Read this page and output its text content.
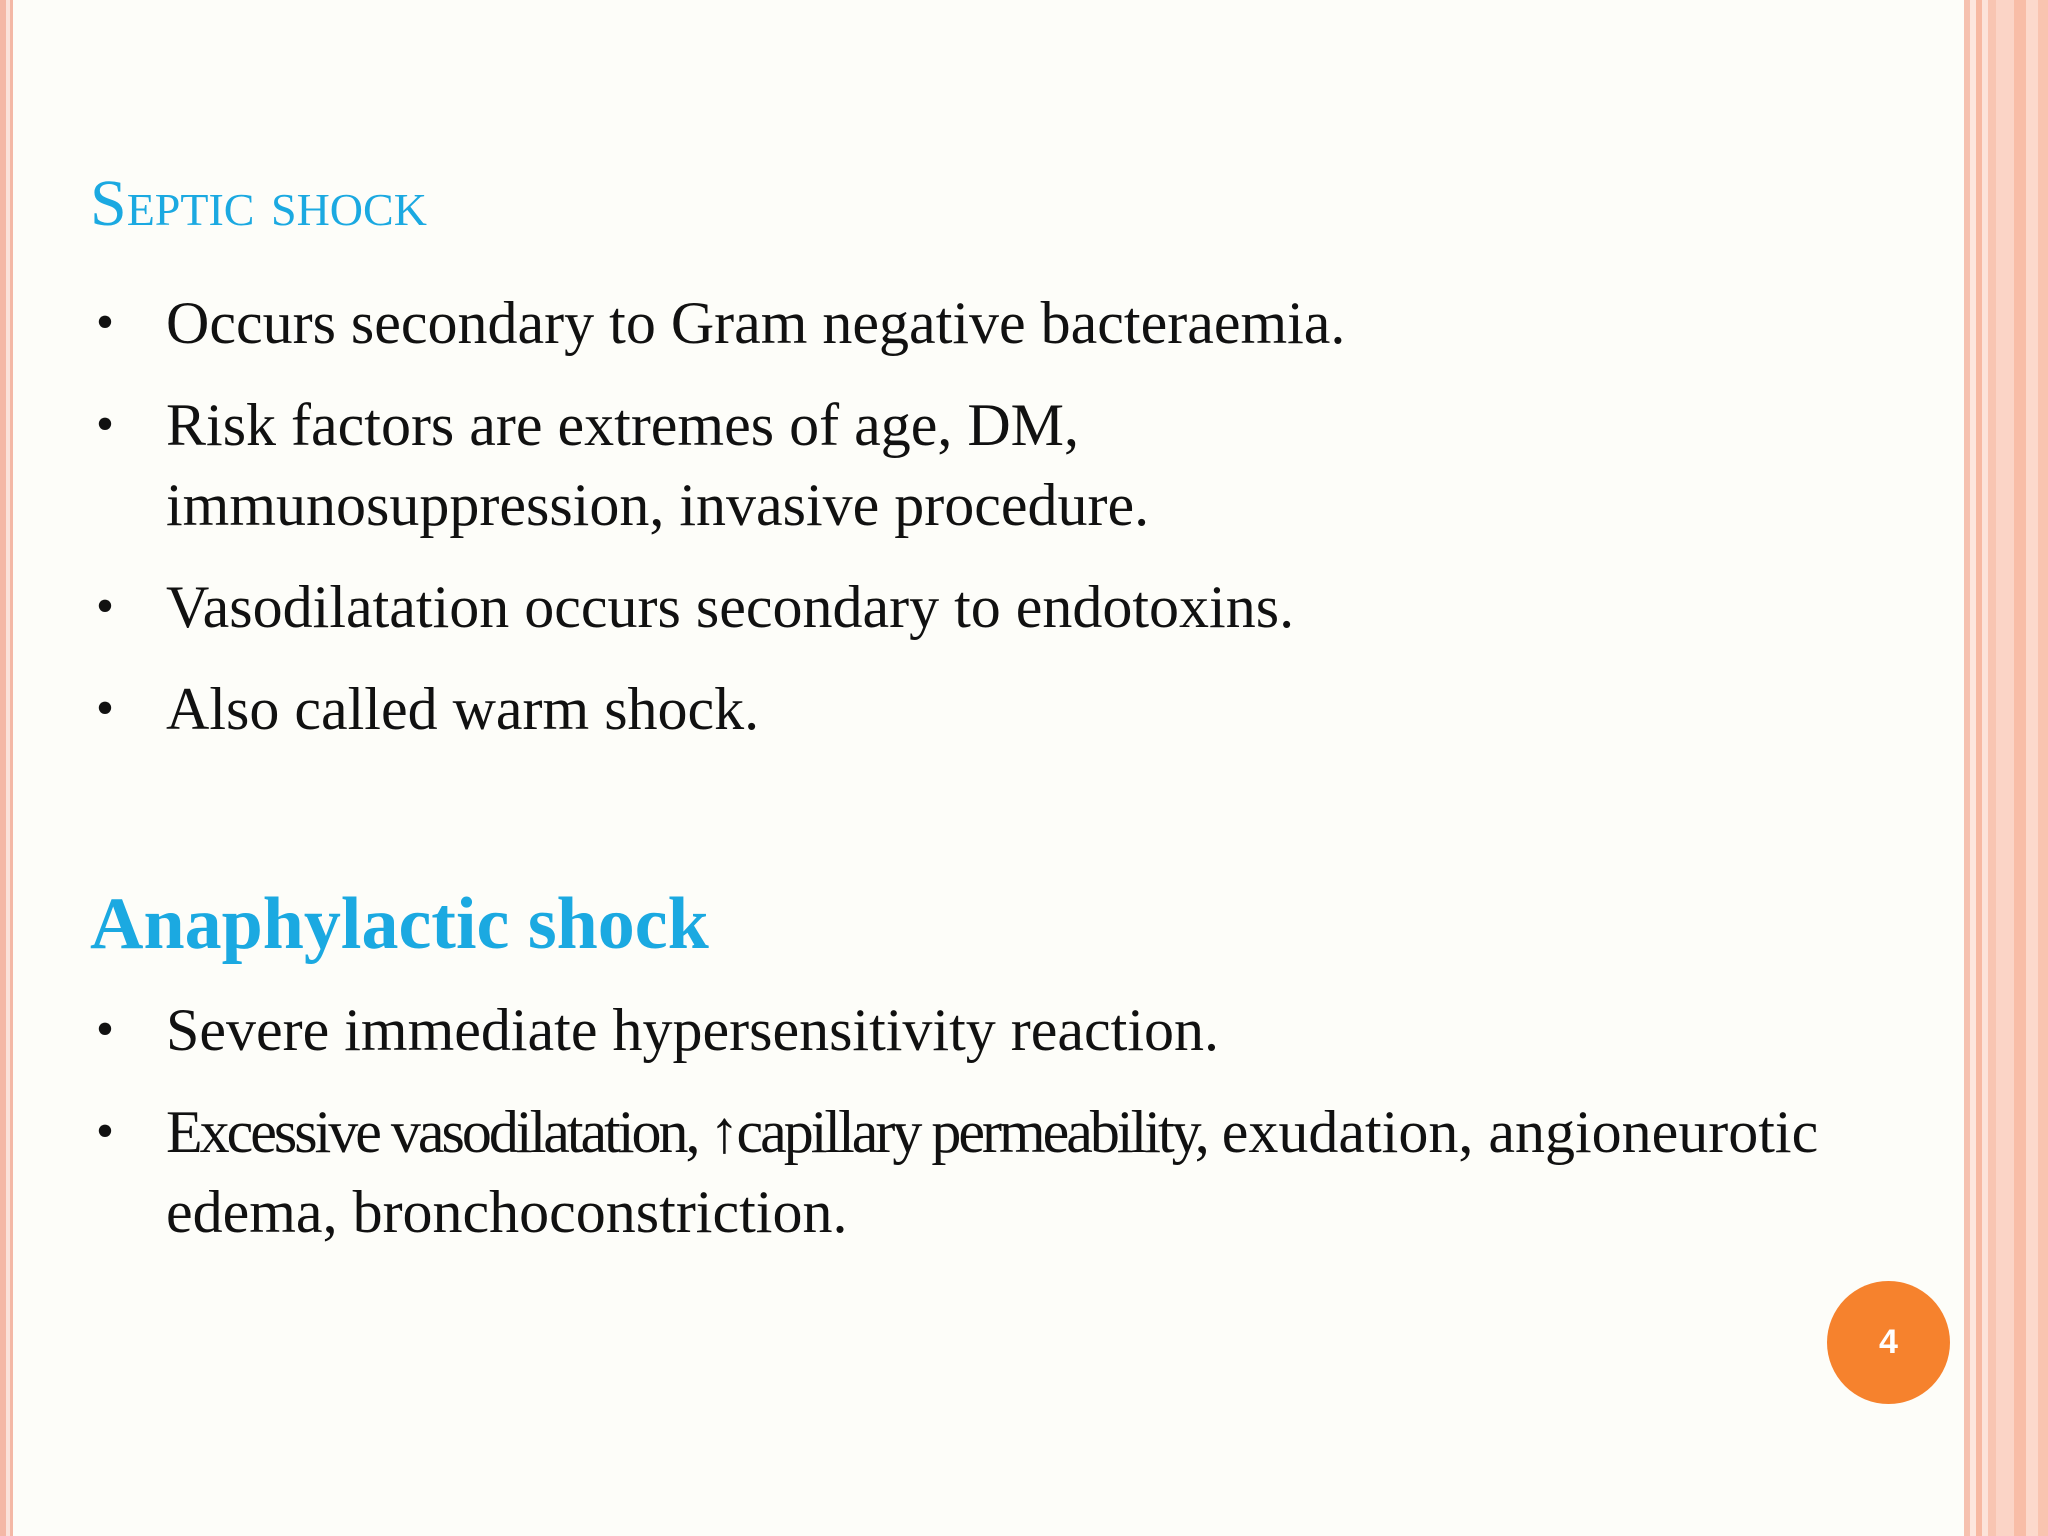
Septic shock
• Occurs secondary to Gram negative bacteraemia.
• Risk factors are extremes of age, DM, immunosuppression, invasive procedure.
• Vasodilatation occurs secondary to endotoxins.
• Also called warm shock.
Anaphylactic shock
• Severe immediate hypersensitivity reaction.
• Excessive vasodilatation, ↑capillary permeability, exudation, angioneurotic edema, bronchoconstriction.
4
